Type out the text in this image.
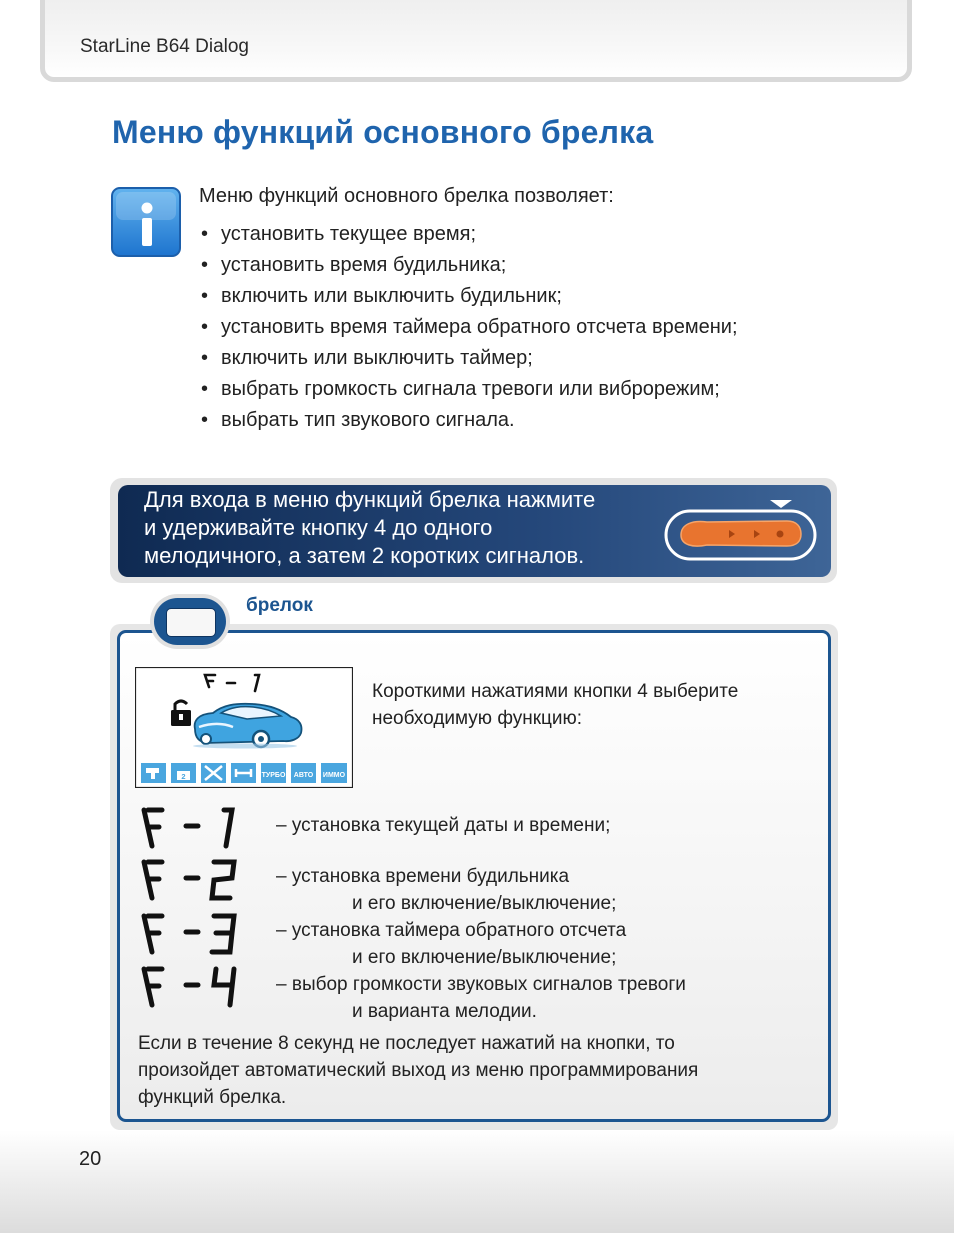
StarLine B64 Dialog
Меню функций основного брелка
Меню функций основного брелка позволяет:
• установить текущее время;
• установить время будильника;
• включить или выключить будильник;
• установить время таймера обратного отсчета времени;
• включить или выключить таймер;
• выбрать громкость сигнала тревоги или виброрежим;
• выбрать тип звукового сигнала.
Для входа в меню функций брелка нажмите
и удерживайте кнопку 4 до одного
мелодичного, а затем 2 коротких сигналов.
брелок
2	ТУРБО АВТО ИММО
Короткими нажатиями кнопки 4 выберите
необходимую функцию:
– установка текущей даты и времени;
– установка времени будильника
и его включение/выключение;
– установка таймера обратного отсчета
и его включение/выключение;
– выбор громкости звуковых сигналов тревоги
и варианта мелодии.
Если в течение 8 секунд не последует нажатий на кнопки, то
произойдет автоматический выход из меню программирования
функций брелка.
20
